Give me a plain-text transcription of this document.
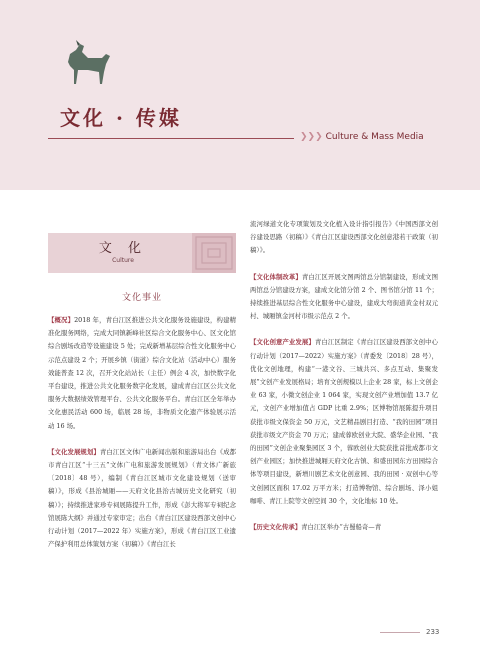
文化 · 传媒
❯❯❯ Culture & Mass Media
文 化
Culture
文化事业

【概况】2018 年，青白江区推进公共文化服务设施建设，构建精准化服务网络，完成大同镇新峰社区综合文化服务中心、区文化馆综合剧场改造等设施建设 5 处；完成新增基层综合性文化服务中心示范点建设 2 个；开展乡镇（街道）综合文化站（活动中心）服务效能普查 12 次，召开文化站站长（主任）例会 4 次，加快数字化平台建设，推进公共文化服务数字化发展，建成青白江区公共文化服务大数据绩效管理平台、公共文化服务平台。青白江区全年举办文化惠民活动 600 场，临展 28 场，非物质文化遗产体验展示活动 16 场。

【文化发展规划】青白江区文体广电新闻出版和旅游局出台《成都市青白江区“十三五”文体广电和旅游发展规划》（青文体广新旅〔2018〕48 号），编制《青白江区城市文化建设规划（送审稿）》，形成《县治城厢——天府文化县治古城历史文化研究（初稿）》；持续推进家珍专祠展陈提升工作，形成《彭大将军专祠纪念馆展陈大纲》并通过专家审定；出台《青白江区建设西部文创中心行动计划（2017—2022 年）实施方案》，形成《青白江区工业遗产保护利用总体策划方案（初稿）》《青白江长

流河绿道文化专项策划及文化植入设计指引报告》《中国西部文创谷建设思路（初稿）》《青白江区建设西部文化创意港若干政策（初稿）》。

【文化体制改革】青白江区开展文图两馆总分馆制建设，形成文图两馆总分馆建设方案，建成文化馆分馆 2 个、图书馆分馆 11 个；持续推进基层综合性文化服务中心建设，建成大弯街道黄金村双元村、城厢镇金河村市级示范点 2 个。

【文化创意产业发展】青白江区制定《青白江区建设西部文创中心行动计划（2017—2022）实施方案》（青委发〔2018〕28 号），优化文创地理，构建“一港文谷、三城共兴、多点互动、集聚发展”文创产业发展格局；培育文创规模以上企业 28 家，标上文创企业 63 家，小微文创企业 1 064 家，实现文创产业增加值 13.7 亿元，文创产业增加值占 GDP 比重 2.9%；区博物馆展陈提升项目获批市级文保资金 50 万元，文艺精品剧目打造、“我的田园”项目获批市级文产资金 70 万元；建成蓉欧创业大院、盛华企业园、“我的田园”文创企业聚集园区 3 个，蓉欧创业大院获批首批成都市文创产业园区；加快推进城厢天府文化古镇、和盛田园东方田园综合体等项目建设，新增川剧艺术文化创意园、我的田园 · 双创中心等文创园区面积 17.02 万平方米；打造博物馆、综合剧场、泽小姐咖啡、青江上院等文创空间 30 个，文化地标 10 处。

【历史文化传承】青白江区举办“古蜀船奇—青

233
